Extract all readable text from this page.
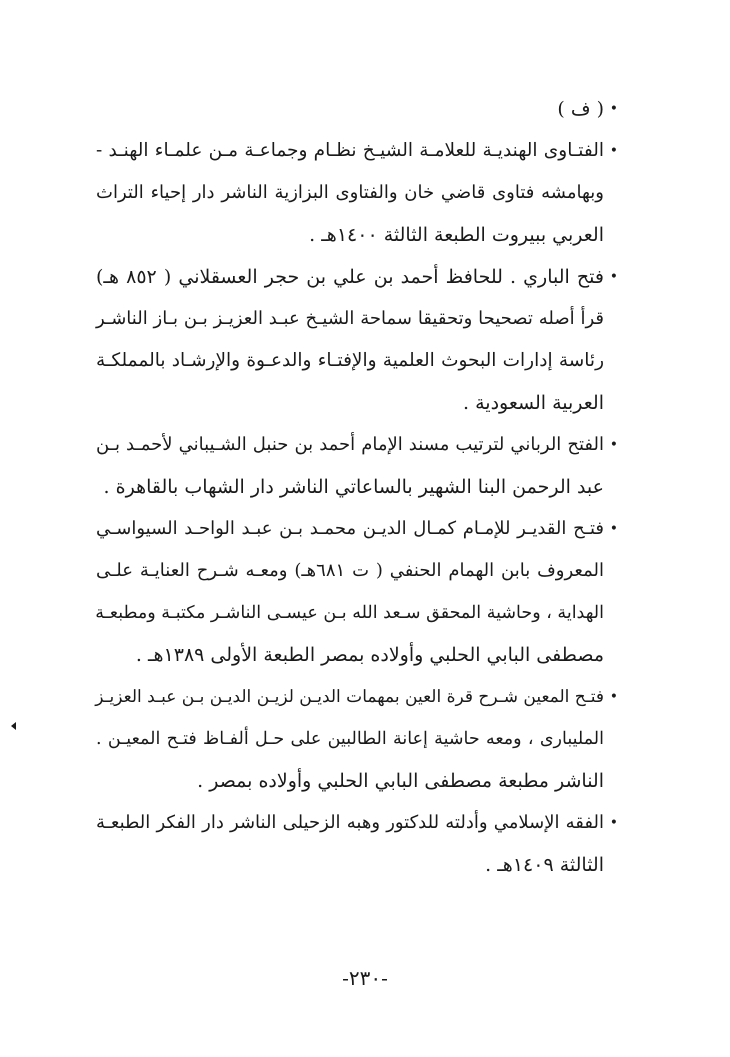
•
( ف )
•
الفتـاوى الهنديـة للعلامـة الشيـخ نظـام وجماعـة مـن علمـاء الهنـد -
وبهامشه فتاوى قاضي خان والفتاوى البزازية الناشر دار إحياء التراث
العربي ببيروت الطبعة الثالثة ١٤٠٠هـ .
•
فتح الباري . للحافظ أحمد بن علي بن حجر العسقلاني ( ٨٥٢ هـ)
قرأ أصله تصحيحا وتحقيقا سماحة الشيـخ عبـد العزيـز بـن بـاز الناشـر
رئاسة إدارات البحوث العلمية والإفتـاء والدعـوة والإرشـاد بالمملكـة
العربية السعودية .
•
الفتح الرباني لترتيب مسند الإمام أحمد بن حنبل الشـيباني لأحمـد بـن
عبد الرحمن البنا الشهير بالساعاتي الناشر دار الشهاب بالقاهرة .
•
فتـح القديـر للإمـام كمـال الديـن محمـد بـن عبـد الواحـد السيواسـي
المعروف بابن الهمام الحنفي ( ت ٦٨١هـ) ومعـه شـرح العنايـة علـى
الهداية ، وحاشية المحقق سـعد الله بـن عيسـى الناشـر مكتبـة ومطبعـة
مصطفى البابي الحلبي وأولاده بمصر الطبعة الأولى ١٣٨٩هـ .
•
فتـح المعين شـرح قرة العين بمهمات الديـن لزيـن الديـن بـن عبـد العزيـز
المليبارى ، ومعه حاشية إعانة الطالبين على حـل ألفـاظ فتـح المعيـن .
الناشر مطبعة مصطفى البابي الحلبي وأولاده بمصر .
•
الفقه الإسلامي وأدلته للدكتور وهبه الزحيلى الناشر دار الفكر الطبعـة
الثالثة ١٤٠٩هـ .
-٢٣٠-
